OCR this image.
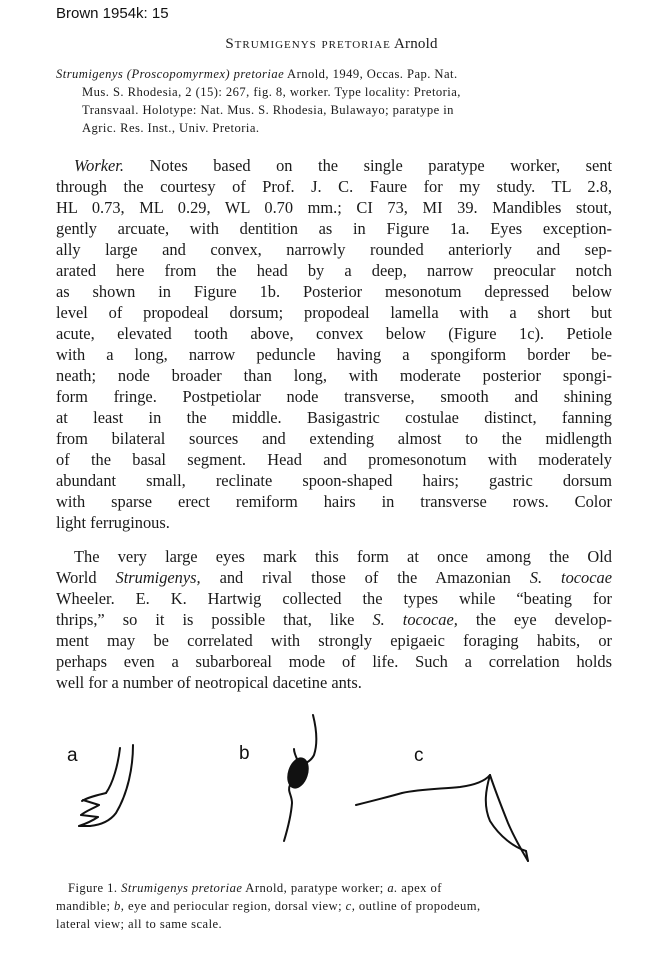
Brown 1954k: 15
Strumigenys pretoriae Arnold
Strumigenys (Proscopomyrmex) pretoriae Arnold, 1949, Occas. Pap. Nat.
Mus. S. Rhodesia, 2 (15): 267, fig. 8, worker. Type locality: Pretoria,
Transvaal. Holotype: Nat. Mus. S. Rhodesia, Bulawayo; paratype in
Agric. Res. Inst., Univ. Pretoria.
Worker. Notes based on the single paratype worker, sent
through the courtesy of Prof. J. C. Faure for my study. TL 2.8,
HL 0.73, ML 0.29, WL 0.70 mm.; CI 73, MI 39. Mandibles stout,
gently arcuate, with dentition as in Figure 1a. Eyes exception-
ally large and convex, narrowly rounded anteriorly and sep-
arated here from the head by a deep, narrow preocular notch
as shown in Figure 1b. Posterior mesonotum depressed below
level of propodeal dorsum; propodeal lamella with a short but
acute, elevated tooth above, convex below (Figure 1c). Petiole
with a long, narrow peduncle having a spongiform border be-
neath; node broader than long, with moderate posterior spongi-
form fringe. Postpetiolar node transverse, smooth and shining
at least in the middle. Basigastric costulae distinct, fanning
from bilateral sources and extending almost to the midlength
of the basal segment. Head and promesonotum with moderately
abundant small, reclinate spoon-shaped hairs; gastric dorsum
with sparse erect remiform hairs in transverse rows. Color
light ferruginous.
The very large eyes mark this form at once among the Old
World Strumigenys, and rival those of the Amazonian S. tococae
Wheeler. E. K. Hartwig collected the types while “beating for
thrips,” so it is possible that, like S. tococae, the eye develop-
ment may be correlated with strongly epigaeic foraging habits, or
perhaps even a subarboreal mode of life. Such a correlation holds
well for a number of neotropical dacetine ants.
a	b	c
Figure 1. Strumigenys pretoriae Arnold, paratype worker; a. apex of
mandible; b, eye and periocular region, dorsal view; c, outline of propodeum,
lateral view; all to same scale.
